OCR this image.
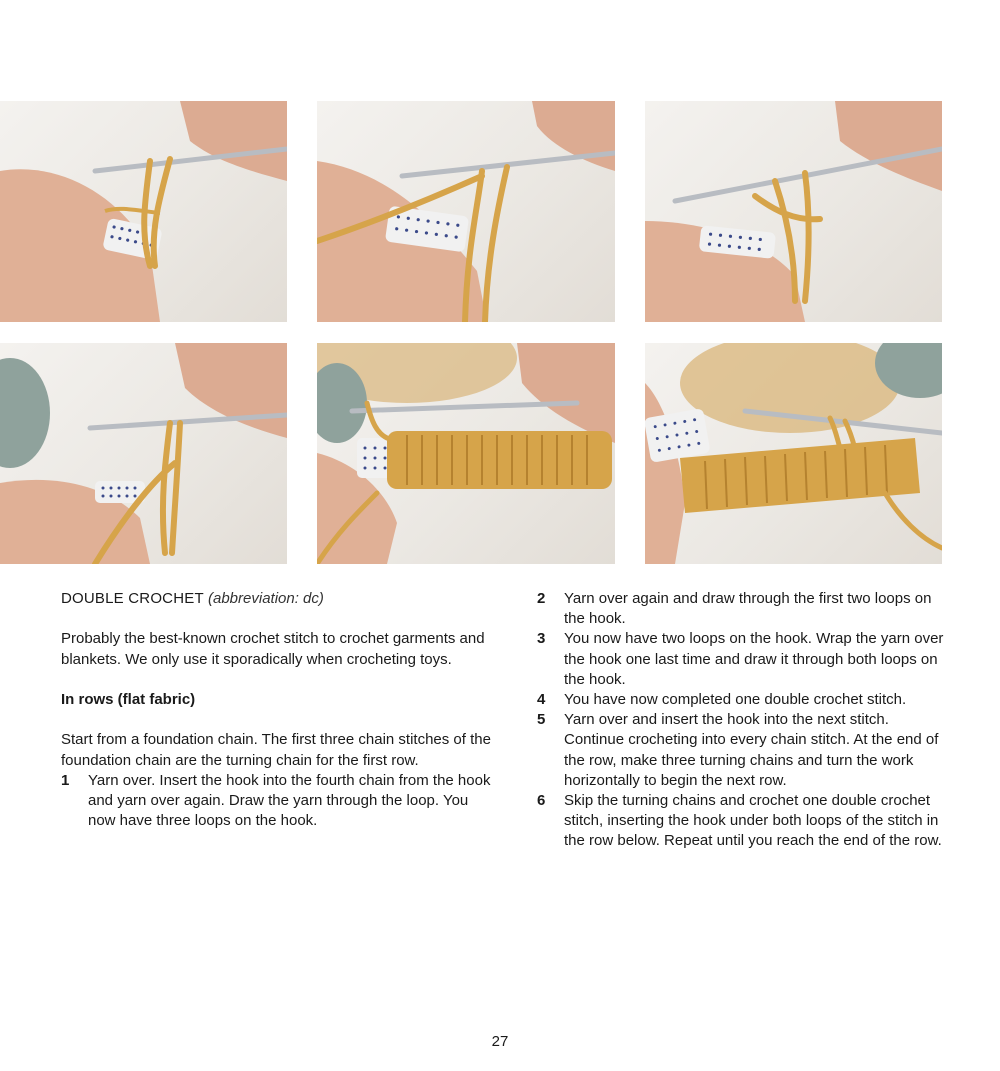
DOUBLE CROCHET (abbreviation: dc)

Probably the best-known crochet stitch to crochet garments and blankets. We only use it sporadically when crocheting toys.

In rows (flat fabric)

Start from a foundation chain. The first three chain stitches of the foundation chain are the turning chain for the first row.

1 Yarn over. Insert the hook into the fourth chain from the hook and yarn over again. Draw the yarn through the loop. You now have three loops on the hook.
2 Yarn over again and draw through the first two loops on the hook.
3 You now have two loops on the hook. Wrap the yarn over the hook one last time and draw it through both loops on the hook.
4 You have now completed one double crochet stitch.
5 Yarn over and insert the hook into the next stitch. Continue crocheting into every chain stitch. At the end of the row, make three turning chains and turn the work horizontally to begin the next row.
6 Skip the turning chains and crochet one double crochet stitch, inserting the hook under both loops of the stitch in the row below. Repeat until you reach the end of the row.
27
